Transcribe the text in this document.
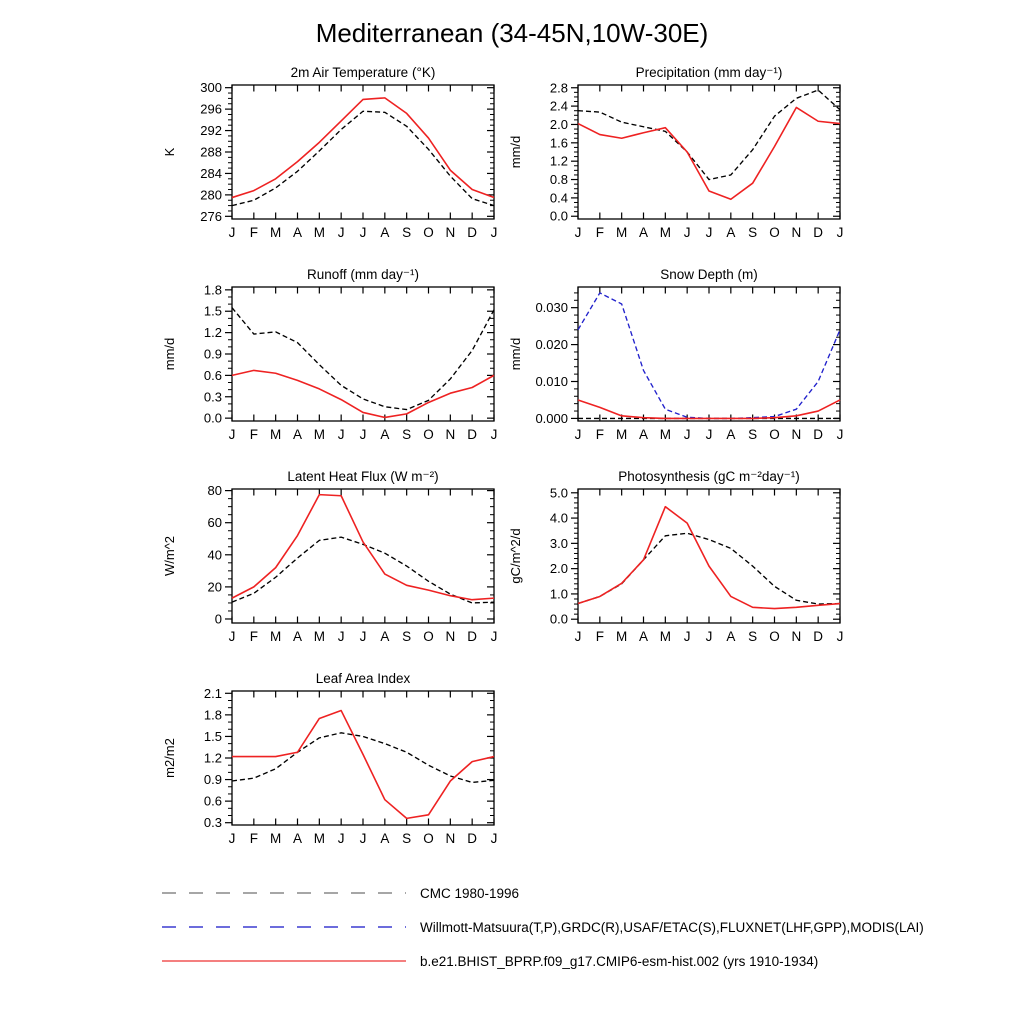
Mediterranean (34-45N,10W-30E)
276
280
284
288
292
296
300
J F M A M J J A S O N D J
2m Air Temperature (°K)
K
0.0
0.4
0.8
1.2
1.6
2.0
2.4
2.8
J F M A M J J A S O N D J
Precipitation (mm day⁻¹)
mm/d
0.0
0.3
0.6
0.9
1.2
1.5
1.8
J F M A M J J A S O N D J
Runoff (mm day⁻¹)
mm/d
0.000
0.010
0.020
0.030
J F M A M J J A S O N D J
Snow Depth (m)
mm/d
0
20
40
60
80
J F M A M J J A S O N D J
Latent Heat Flux (W m⁻²)
W/m^2
0.0
1.0
2.0
3.0
4.0
5.0
J F M A M J J A S O N D J
Photosynthesis (gC m⁻²day⁻¹)
gC/m^2/d
0.3
0.6
0.9
1.2
1.5
1.8
2.1
J F M A M J J A S O N D J
Leaf Area Index
m2/m2
CMC 1980-1996
Willmott-Matsuura(T,P),GRDC(R),USAF/ETAC(S),FLUXNET(LHF,GPP),MODIS(LAI)
b.e21.BHIST_BPRP.f09_g17.CMIP6-esm-hist.002 (yrs 1910-1934)
